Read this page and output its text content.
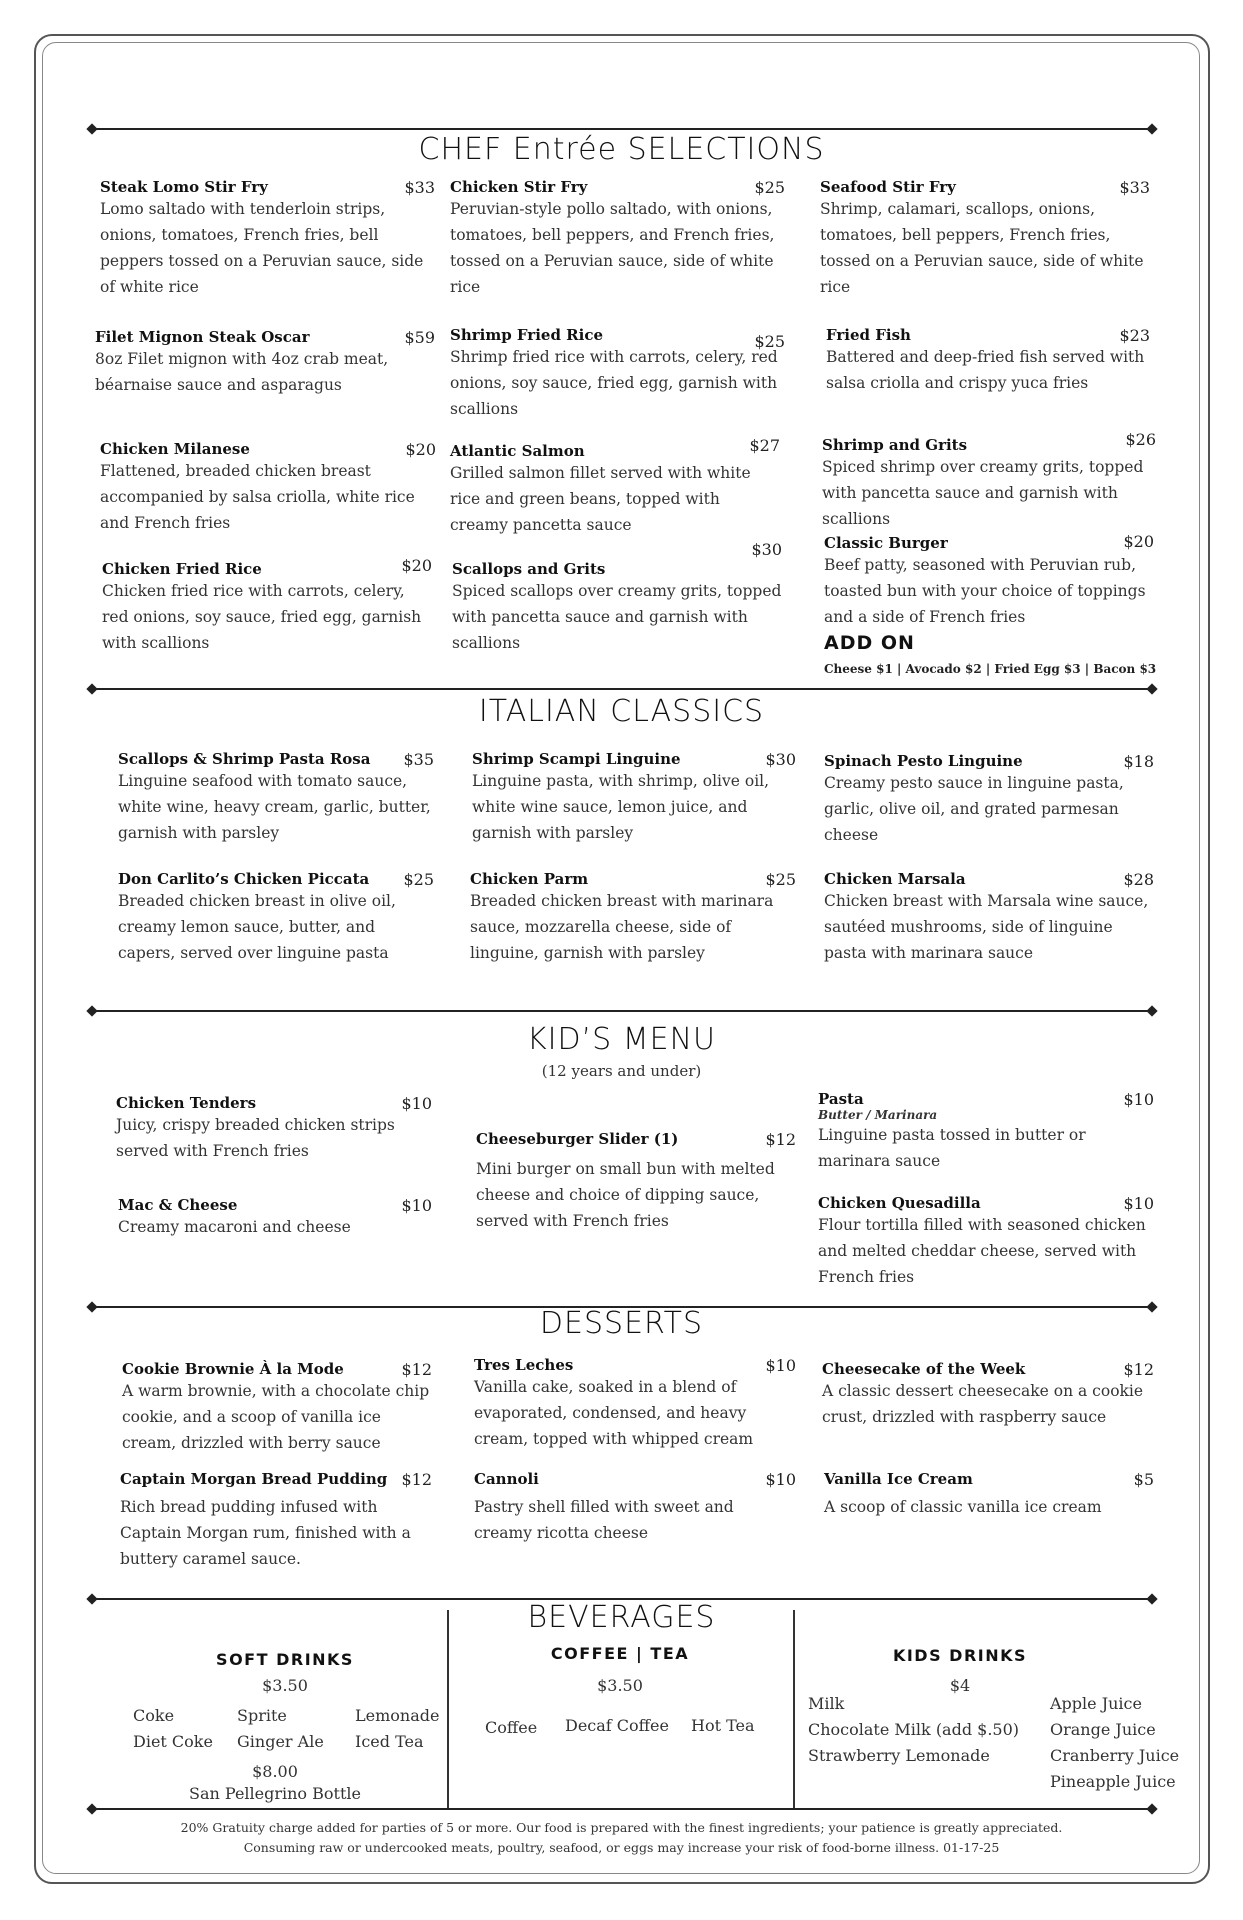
CHEF Entrée SELECTIONS
Steak Lomo Stir Fry	$33
Lomo saltado with tenderloin strips, onions, tomatoes, French fries, bell peppers tossed on a Peruvian sauce, side of white rice
Chicken Stir Fry	$25
Peruvian-style pollo saltado, with onions, tomatoes, bell peppers, and French fries, tossed on a Peruvian sauce, side of white rice
Seafood Stir Fry	$33
Shrimp, calamari, scallops, onions, tomatoes, bell peppers, French fries, tossed on a Peruvian sauce, side of white rice
Filet Mignon Steak Oscar	$59
8oz Filet mignon with 4oz crab meat, béarnaise sauce and asparagus
Shrimp Fried Rice	$25
Shrimp fried rice with carrots, celery, red onions, soy sauce, fried egg, garnish with scallions
Fried Fish	$23
Battered and deep-fried fish served with salsa criolla and crispy yuca fries
Chicken Milanese	$20
Flattened, breaded chicken breast accompanied by salsa criolla, white rice and French fries
Atlantic Salmon	$27
Grilled salmon fillet served with white rice and green beans, topped with creamy pancetta sauce
Shrimp and Grits	$26
Spiced shrimp over creamy grits, topped with pancetta sauce and garnish with scallions
Chicken Fried Rice	$20
Chicken fried rice with carrots, celery, red onions, soy sauce, fried egg, garnish with scallions
Scallops and Grits
$30
Spiced scallops over creamy grits, topped with pancetta sauce and garnish with scallions
Classic Burger	$20
Beef patty, seasoned with Peruvian rub, toasted bun with your choice of toppings and a side of French fries
ADD ON
Cheese $1 | Avocado $2 | Fried Egg $3 | Bacon $3
ITALIAN CLASSICS
Scallops & Shrimp Pasta Rosa	$35
Linguine seafood with tomato sauce, white wine, heavy cream, garlic, butter, garnish with parsley
Shrimp Scampi Linguine	$30
Linguine pasta, with shrimp, olive oil, white wine sauce, lemon juice, and garnish with parsley
Spinach Pesto Linguine	$18
Creamy pesto sauce in linguine pasta, garlic, olive oil, and grated parmesan cheese
Don Carlito’s Chicken Piccata	$25
Breaded chicken breast in olive oil, creamy lemon sauce, butter, and capers, served over linguine pasta
Chicken Parm	$25
Breaded chicken breast with marinara sauce, mozzarella cheese, side of linguine, garnish with parsley
Chicken Marsala	$28
Chicken breast with Marsala wine sauce, sautéed mushrooms, side of linguine pasta with marinara sauce
KID’S MENU
(12 years and under)
Chicken Tenders	$10
Juicy, crispy breaded chicken strips served with French fries
Cheeseburger Slider (1)	$12
Mini burger on small bun with melted cheese and choice of dipping sauce, served with French fries
Pasta	$10
Butter / Marinara
Linguine pasta tossed in butter or marinara sauce
Mac & Cheese	$10
Creamy macaroni and cheese
Chicken Quesadilla	$10
Flour tortilla filled with seasoned chicken and melted cheddar cheese, served with French fries
DESSERTS
Cookie Brownie À la Mode	$12
A warm brownie, with a chocolate chip cookie, and a scoop of vanilla ice cream, drizzled with berry sauce
Tres Leches	$10
Vanilla cake, soaked in a blend of evaporated, condensed, and heavy cream, topped with whipped cream
Cheesecake of the Week	$12
A classic dessert cheesecake on a cookie crust, drizzled with raspberry sauce
Captain Morgan Bread Pudding $12
Rich bread pudding infused with Captain Morgan rum, finished with a buttery caramel sauce.
Cannoli	$10
Pastry shell filled with sweet and creamy ricotta cheese
Vanilla Ice Cream	$5
A scoop of classic vanilla ice cream
BEVERAGES
SOFT DRINKS
$3.50
Coke	Sprite	Lemonade
Diet Coke Ginger Ale Iced Tea
$8.00
San Pellegrino Bottle
COFFEE | TEA
$3.50
Coffee Decaf Coffee Hot Tea
KIDS DRINKS
$4
Milk
Chocolate Milk (add $.50)
Strawberry Lemonade
Apple Juice
Orange Juice
Cranberry Juice
Pineapple Juice
20% Gratuity charge added for parties of 5 or more. Our food is prepared with the finest ingredients; your patience is greatly appreciated.
Consuming raw or undercooked meats, poultry, seafood, or eggs may increase your risk of food-borne illness. 01-17-25
